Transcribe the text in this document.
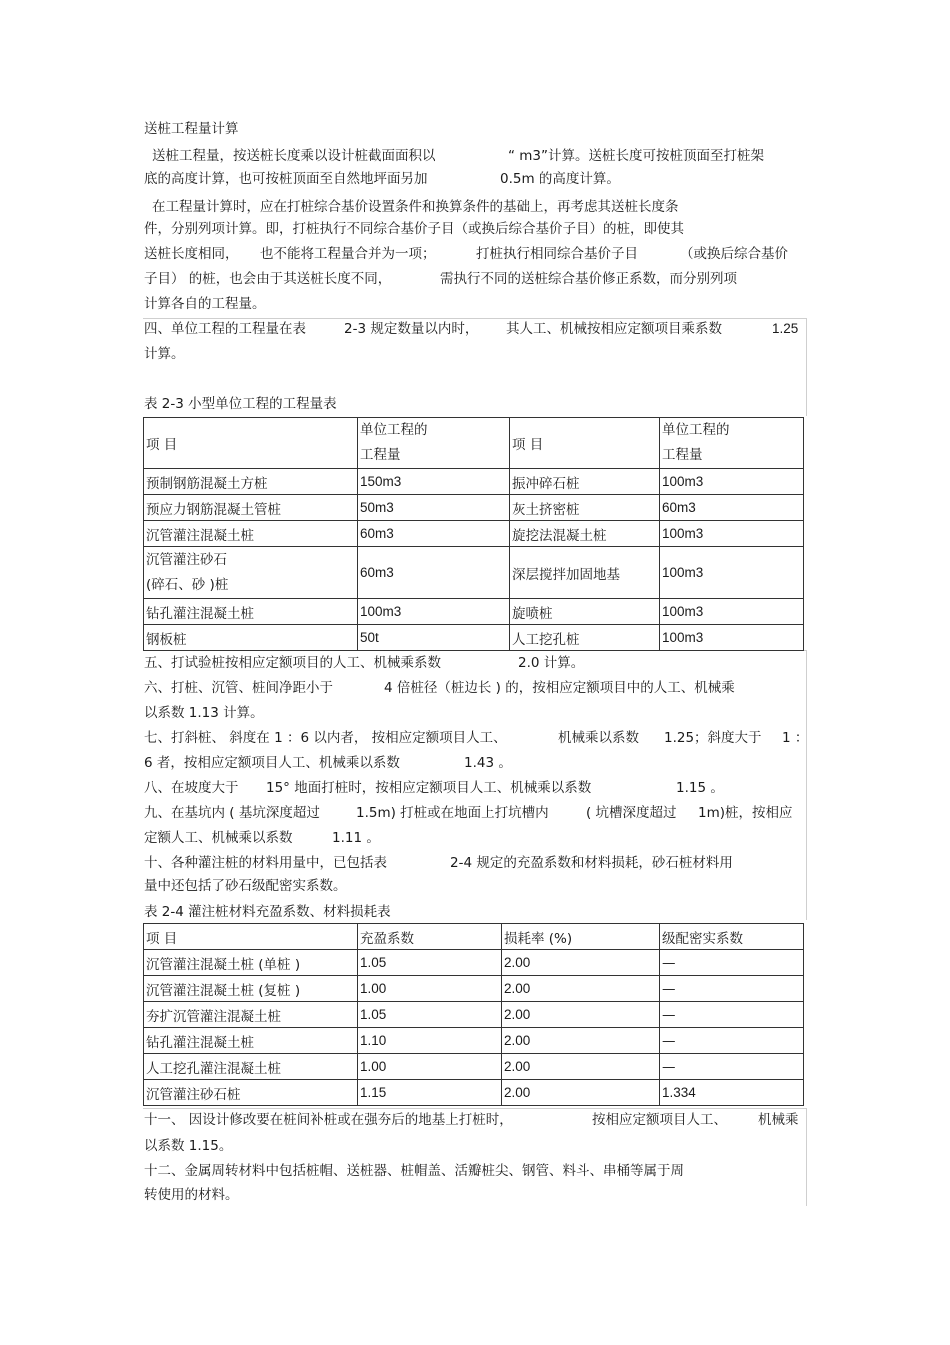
送桩工程量计算
送桩工程量，按送桩长度乘以设计桩截面面积以	“ m3”计算。送桩长度可按桩顶面至打桩架
底的高度计算，也可按桩顶面至自然地坪面另加	0.5m 的高度计算。
在工程量计算时，应在打桩综合基价设置条件和换算条件的基础上，再考虑其送桩长度条
件，分别列项计算。即，打桩执行不同综合基价子目（或换后综合基价子目）的桩，即使其
送桩长度相同， 也不能将工程量合并为一项；	打桩执行相同综合基价子目	（或换后综合基价
子目） 的桩，也会由于其送桩长度不同，	需执行不同的送桩综合基价修正系数，而分别列项
计算各自的工程量。
四、单位工程的工程量在表	2-3 规定数量以内时， 其人工、机械按相应定额项目乘系数	1.25
计算。
表 2-3 小型单位工程的工程量表
项 目	单位工程的
工程量	项 目	单位工程的
工程量

预制钢筋混凝土方桩	150m3	振冲碎石桩	100m3
预应力钢筋混凝土管桩	50m3	灰土挤密桩	60m3
沉管灌注混凝土桩	60m3	旋挖法混凝土桩	100m3

沉管灌注砂石
(碎石、砂 )桩	60m3	深层搅拌加固地基	100m3
钻孔灌注混凝土桩	100m3	旋喷桩	100m3
钢板桩	50t	人工挖孔桩	100m3
五、打试验桩按相应定额项目的人工、机械乘系数	2.0 计算。
六、打桩、沉管、桩间净距小于	4 倍桩径（桩边长 ) 的，按相应定额项目中的人工、机械乘
以系数 1.13 计算。
七、打斜桩、 斜度在 1 ：6 以内者， 按相应定额项目人工、	机械乘以系数 1.25；斜度大于 1 ：
6 者，按相应定额项目人工、机械乘以系数	1.43 。
八、在坡度大于 15° 地面打桩时，按相应定额项目人工、机械乘以系数	1.15 。
九、在基坑内 ( 基坑深度超过	1.5m) 打桩或在地面上打坑槽内	( 坑槽深度超过 1m)桩，按相应
定额人工、机械乘以系数	1.11 。
十、各种灌注桩的材料用量中，已包括表	2-4 规定的充盈系数和材料损耗，砂石桩材料用
量中还包括了砂石级配密实系数。
表 2-4 灌注桩材料充盈系数、材料损耗表
项 目	充盈系数	损耗率 (%)	级配密实系数
沉管灌注混凝土桩 (单桩 )	1.05	2.00	—
沉管灌注混凝土桩 (复桩 )	1.00	2.00	—
夯扩沉管灌注混凝土桩	1.05	2.00	—
钻孔灌注混凝土桩	1.10	2.00	—
人工挖孔灌注混凝土桩	1.00	2.00	—
沉管灌注砂石桩	1.15	2.00	1.334
十一、 因设计修改要在桩间补桩或在强夯后的地基上打桩时，	按相应定额项目人工、 机械乘
以系数 1.15。
十二、金属周转材料中包括桩帽、送桩器、桩帽盖、活瓣桩尖、钢管、料斗、串桶等属于周
转使用的材料。
